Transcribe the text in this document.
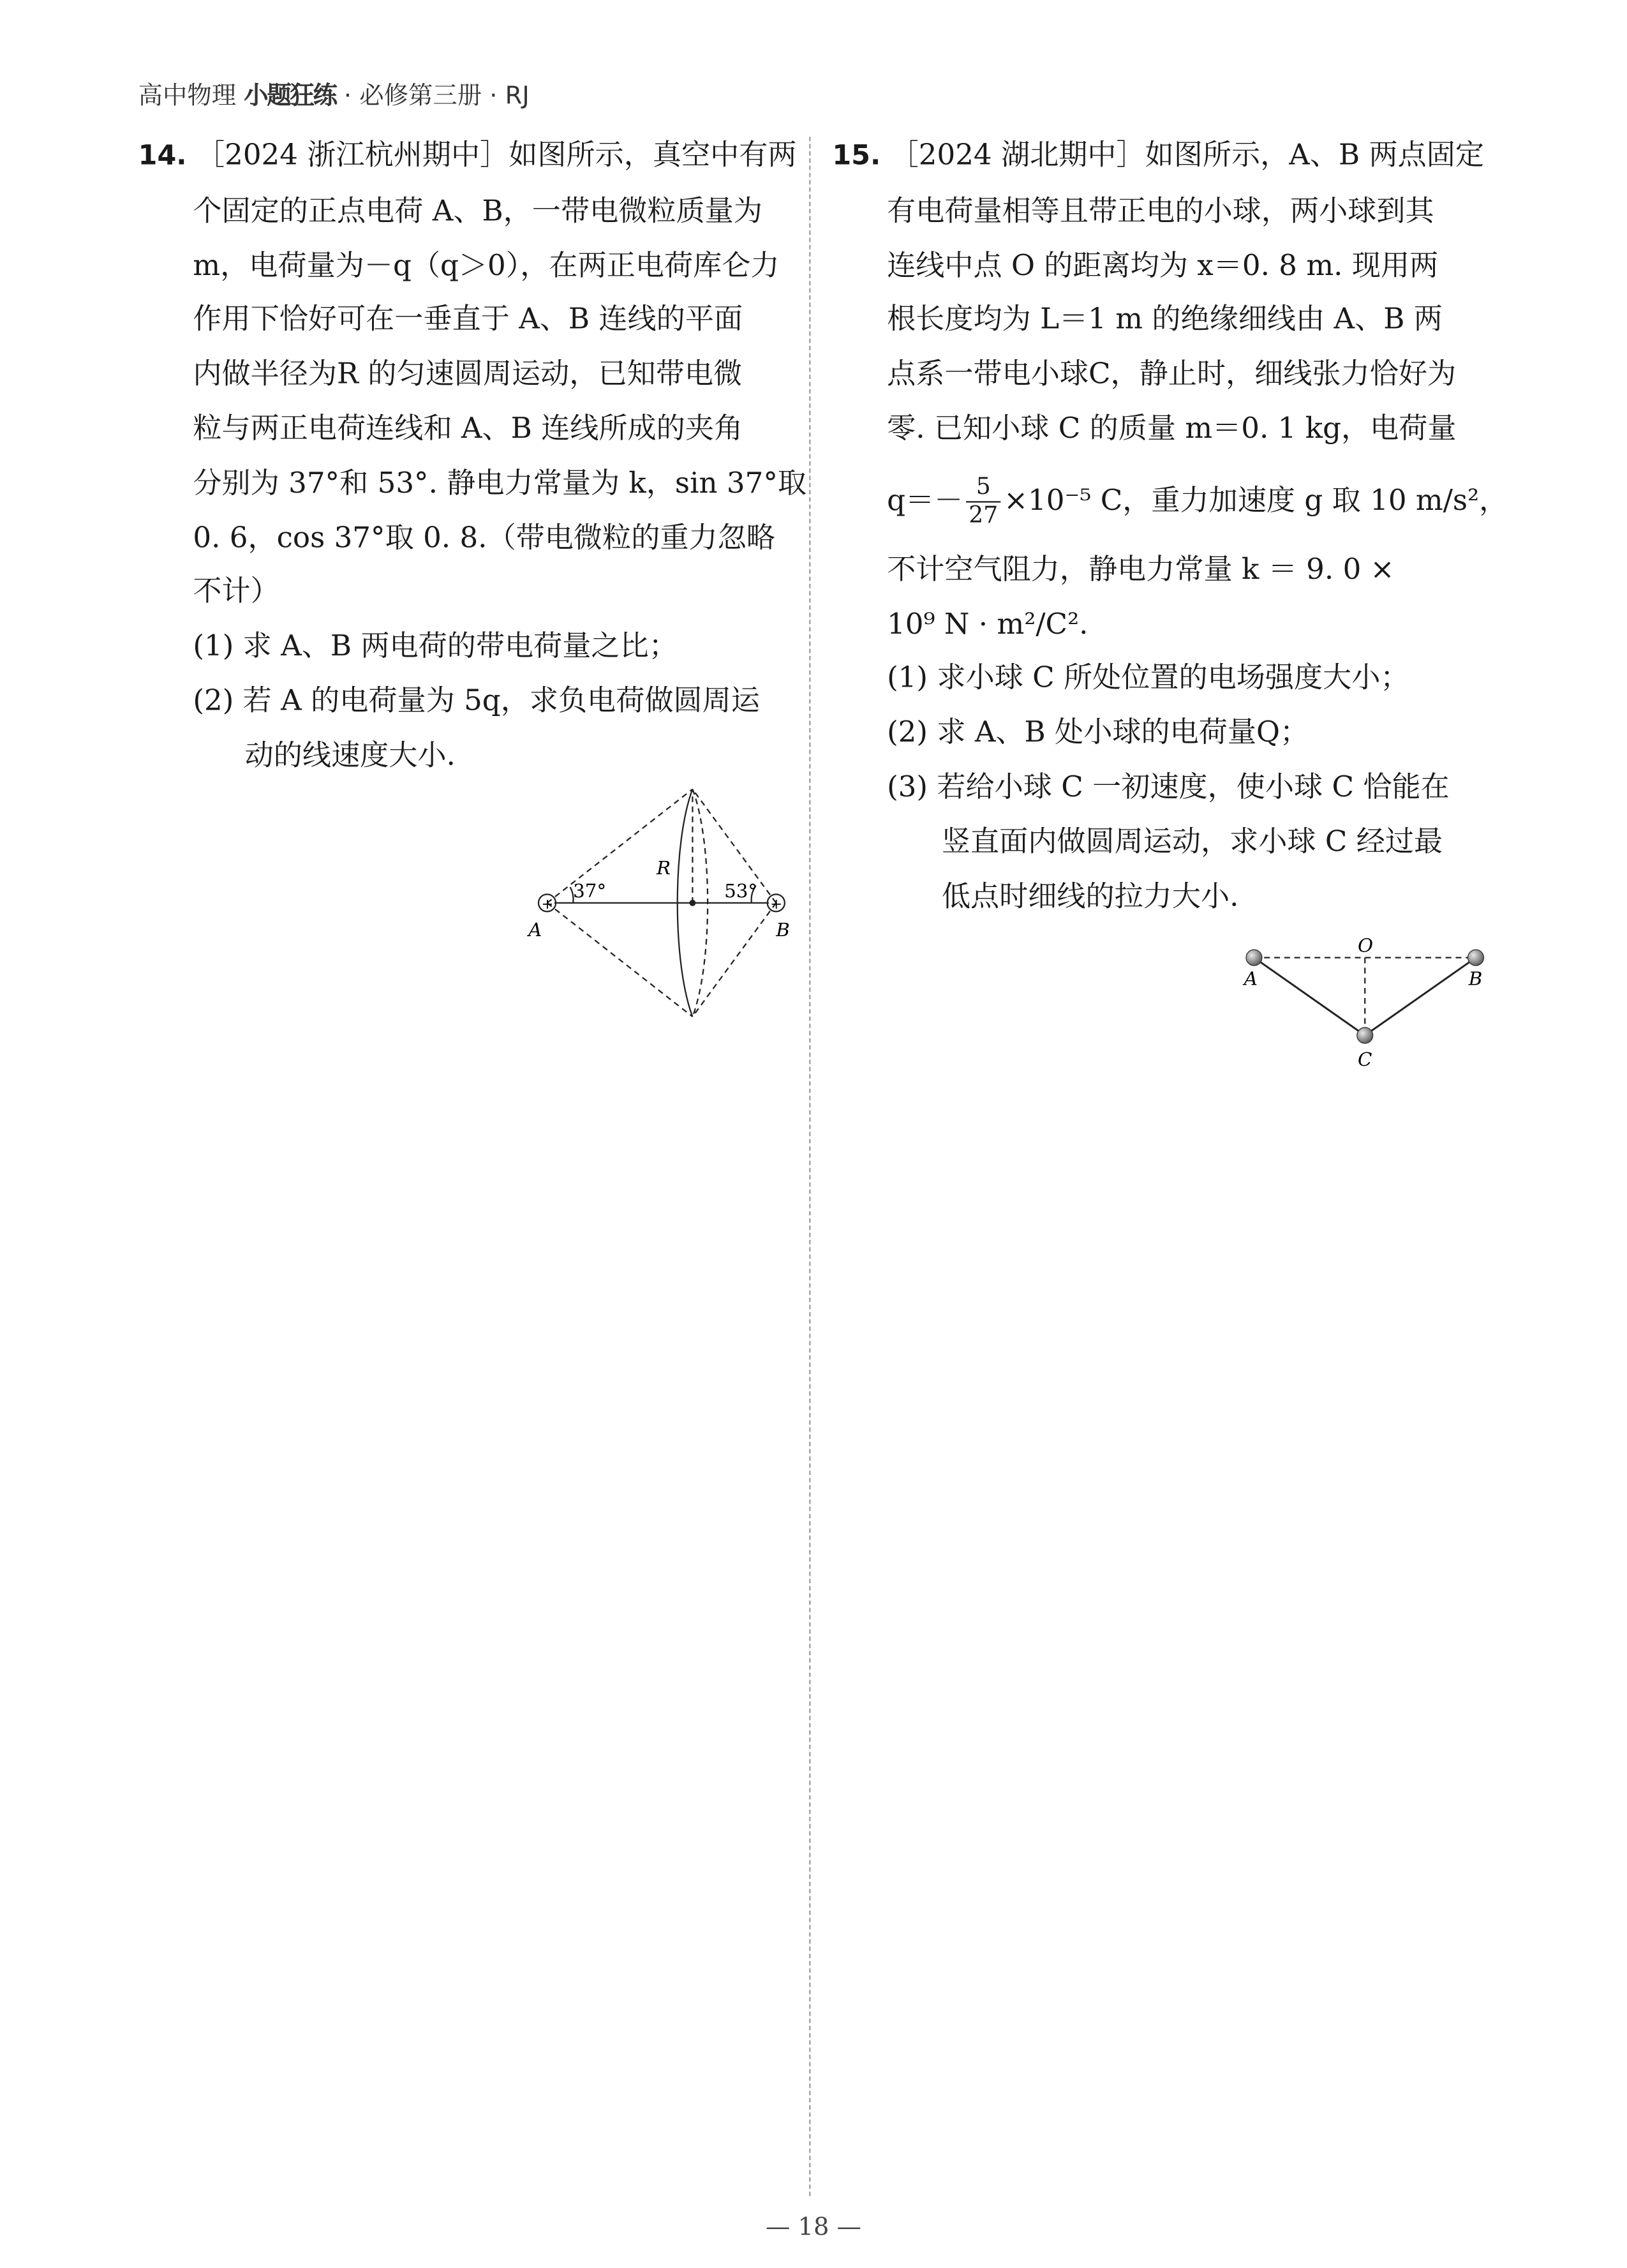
高中物理 小题狂练 · 必修第三册 · RJ
14. ［2024 浙江杭州期中］如图所示，真空中有两
个固定的正点电荷 A、B，一带电微粒质量为
m，电荷量为－q（q＞0），在两正电荷库仑力
作用下恰好可在一垂直于 A、B 连线的平面
内做半径为R 的匀速圆周运动，已知带电微
粒与两正电荷连线和 A、B 连线所成的夹角
分别为 37°和 53°. 静电力常量为 k，sin 37°取
0. 6，cos 37°取 0. 8.（带电微粒的重力忽略
不计）
(1) 求 A、B 两电荷的带电荷量之比；
(2) 若 A 的电荷量为 5q，求负电荷做圆周运
动的线速度大小.
+	+
37°	53°
R
A	B
15. ［2024 湖北期中］如图所示，A、B 两点固定
有电荷量相等且带正电的小球，两小球到其
连线中点 O 的距离均为 x＝0. 8 m. 现用两
根长度均为 L＝1 m 的绝缘细线由 A、B 两
点系一带电小球C，静止时，细线张力恰好为
零. 已知小球 C 的质量 m＝0. 1 kg，电荷量
$q=- \frac{5}{27} \times 10^{-5}$ C，重力加速度 g 取 10 m/s²，
不计空气阻力，静电力常量 k ＝ 9. 0 ×
10⁹ N · m²/C².
(1) 求小球 C 所处位置的电场强度大小；
(2) 求 A、B 处小球的电荷量Q；
(3) 若给小球 C 一初速度，使小球 C 恰能在
竖直面内做圆周运动，求小球 C 经过最
低点时细线的拉力大小.
O
A	B
C
— 18 —
